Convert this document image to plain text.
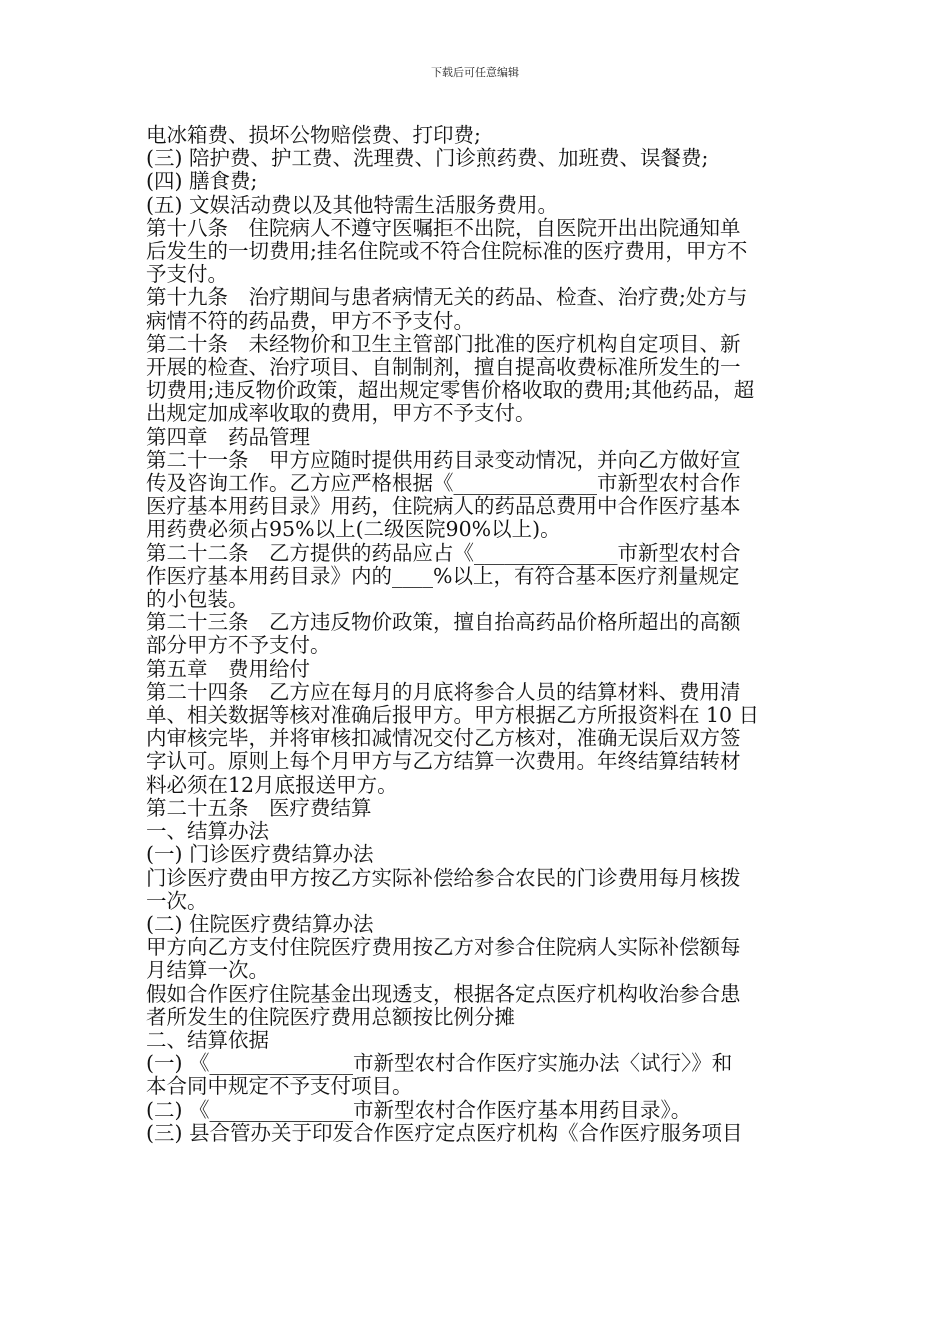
下载后可任意编辑
电冰箱费、损坏公物赔偿费、打印费;
(三) 陪护费、护工费、洗理费、门诊煎药费、加班费、误餐费;
(四) 膳食费;
(五) 文娱活动费以及其他特需生活服务费用。
第十八条　住院病人不遵守医嘱拒不出院，自医院开出出院通知单
后发生的一切费用;挂名住院或不符合住院标准的医疗费用，甲方不
予支付。
第十九条　治疗期间与患者病情无关的药品、检查、治疗费;处方与
病情不符的药品费，甲方不予支付。
第二十条　未经物价和卫生主管部门批准的医疗机构自定项目、新
开展的检查、治疗项目、自制制剂，擅自提高收费标准所发生的一
切费用;违反物价政策，超出规定零售价格收取的费用;其他药品，超
出规定加成率收取的费用，甲方不予支付。
第四章　药品管理
第二十一条　甲方应随时提供用药目录变动情况，并向乙方做好宣
传及咨询工作。乙方应严格根据《______________市新型农村合作
医疗基本用药目录》用药，住院病人的药品总费用中合作医疗基本
用药费必须占95%以上(二级医院90%以上)。
第二十二条　乙方提供的药品应占《______________市新型农村合
作医疗基本用药目录》内的____%以上，有符合基本医疗剂量规定
的小包装。
第二十三条　乙方违反物价政策，擅自抬高药品价格所超出的高额
部分甲方不予支付。
第五章　费用给付
第二十四条　乙方应在每月的月底将参合人员的结算材料、费用清
单、相关数据等核对准确后报甲方。甲方根据乙方所报资料在 10 日
内审核完毕，并将审核扣减情况交付乙方核对，准确无误后双方签
字认可。原则上每个月甲方与乙方结算一次费用。年终结算结转材
料必须在12月底报送甲方。
第二十五条　医疗费结算
一、结算办法
(一) 门诊医疗费结算办法
门诊医疗费由甲方按乙方实际补偿给参合农民的门诊费用每月核拨
一次。
(二) 住院医疗费结算办法
甲方向乙方支付住院医疗费用按乙方对参合住院病人实际补偿额每
月结算一次。
假如合作医疗住院基金出现透支，根据各定点医疗机构收治参合患
者所发生的住院医疗费用总额按比例分摊
二、结算依据
(一) 《______________市新型农村合作医疗实施办法〈试行〉》和
本合同中规定不予支付项目。
(二) 《______________市新型农村合作医疗基本用药目录》。
(三) 县合管办关于印发合作医疗定点医疗机构《合作医疗服务项目
